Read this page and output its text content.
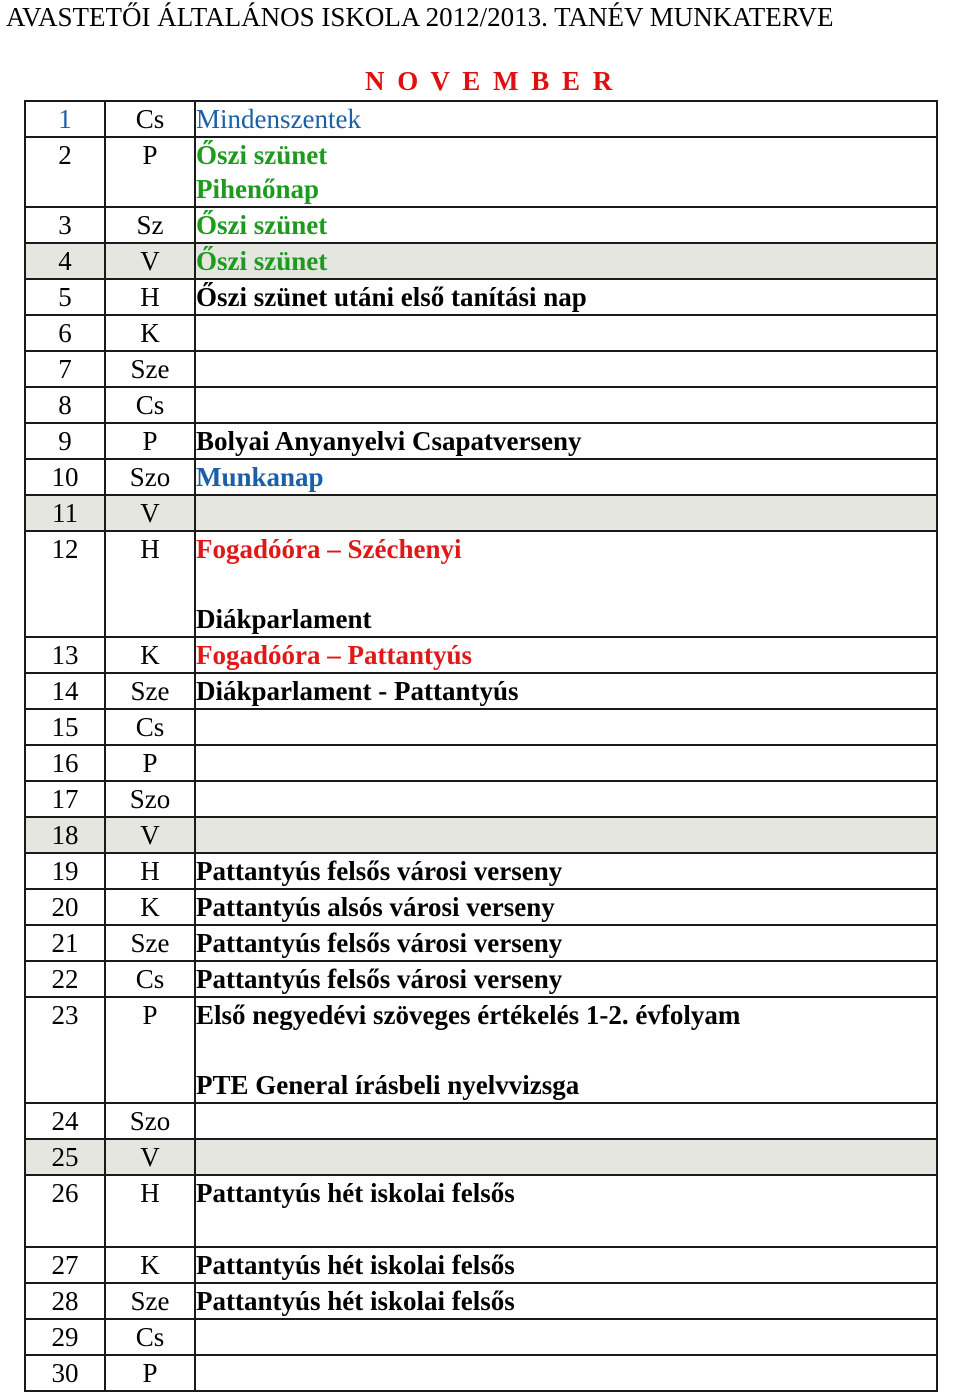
AVASTETŐI ÁLTALÁNOS ISKOLA 2012/2013. TANÉV MUNKATERVE
N O V E M B E R
1	Cs	Mindenszentek

2	P	Őszi szünet
Pihenőnap

3	Sz	Őszi szünet

4	V	Őszi szünet

5	H	Őszi szünet utáni első tanítási nap

6	K	

7	Sze	

8	Cs	

9	P	Bolyai Anyanyelvi Csapatverseny

10	Szo	Munkanap

11	V	

12	H	Fogadóóra – Széchenyi
Diákparlament

13	K	Fogadóóra – Pattantyús

14	Sze	Diákparlament - Pattantyús

15	Cs	

16	P	

17	Szo	

18	V	

19	H	Pattantyús felsős városi verseny

20	K	Pattantyús alsós városi verseny

21	Sze	Pattantyús felsős városi verseny

22	Cs	Pattantyús felsős városi verseny

23	P	Első negyedévi szöveges értékelés 1-2. évfolyam
PTE General írásbeli nyelvvizsga

24	Szo	

25	V	

26	H	Pattantyús hét iskolai felsős

27	K	Pattantyús hét iskolai felsős

28	Sze	Pattantyús hét iskolai felsős

29	Cs	

30	P	
